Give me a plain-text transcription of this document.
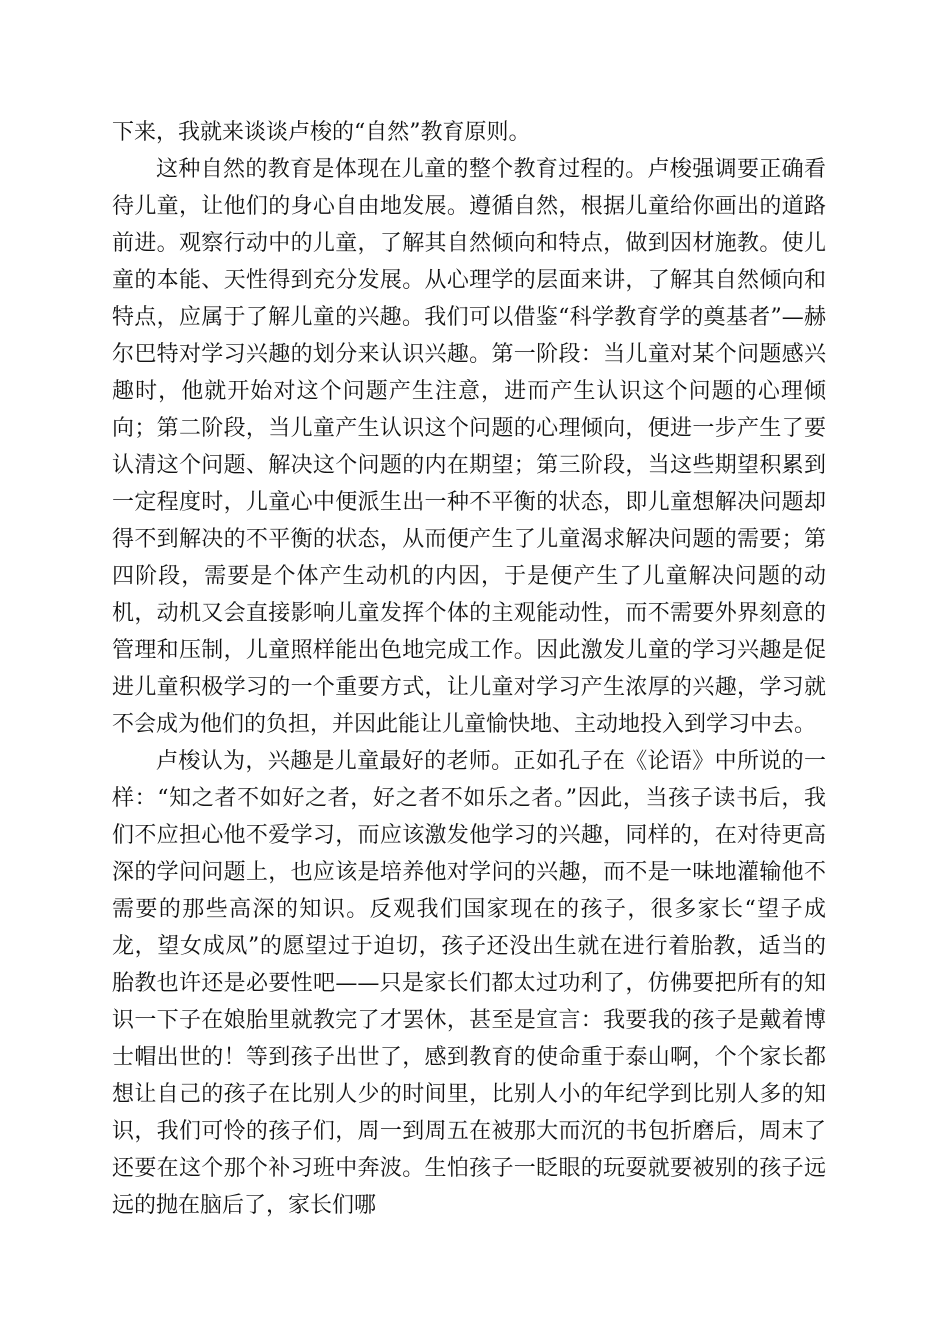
下来，我就来谈谈卢梭的“自然”教育原则。

这种自然的教育是体现在儿童的整个教育过程的。卢梭强调要正确看待儿童，让他们的身心自由地发展。遵循自然，根据儿童给你画出的道路前进。观察行动中的儿童，了解其自然倾向和特点，做到因材施教。使儿童的本能、天性得到充分发展。从心理学的层面来讲，了解其自然倾向和特点，应属于了解儿童的兴趣。我们可以借鉴“科学教育学的奠基者”—赫尔巴特对学习兴趣的划分来认识兴趣。第一阶段：当儿童对某个问题感兴趣时，他就开始对这个问题产生注意，进而产生认识这个问题的心理倾向；第二阶段，当儿童产生认识这个问题的心理倾向，便进一步产生了要认清这个问题、解决这个问题的内在期望；第三阶段，当这些期望积累到一定程度时，儿童心中便派生出一种不平衡的状态，即儿童想解决问题却得不到解决的不平衡的状态，从而便产生了儿童渴求解决问题的需要；第四阶段，需要是个体产生动机的内因，于是便产生了儿童解决问题的动机，动机又会直接影响儿童发挥个体的主观能动性，而不需要外界刻意的管理和压制，儿童照样能出色地完成工作。因此激发儿童的学习兴趣是促进儿童积极学习的一个重要方式，让儿童对学习产生浓厚的兴趣，学习就不会成为他们的负担，并因此能让儿童愉快地、主动地投入到学习中去。

卢梭认为，兴趣是儿童最好的老师。正如孔子在《论语》中所说的一样：“知之者不如好之者，好之者不如乐之者。”因此，当孩子读书后，我们不应担心他不爱学习，而应该激发他学习的兴趣，同样的，在对待更高深的学问问题上，也应该是培养他对学问的兴趣，而不是一味地灌输他不需要的那些高深的知识。反观我们国家现在的孩子，很多家长“望子成龙，望女成凤”的愿望过于迫切，孩子还没出生就在进行着胎教，适当的胎教也许还是必要性吧——只是家长们都太过功利了，仿佛要把所有的知识一下子在娘胎里就教完了才罢休，甚至是宣言：我要我的孩子是戴着博士帽出世的！等到孩子出世了，感到教育的使命重于泰山啊，个个家长都想让自己的孩子在比别人少的时间里，比别人小的年纪学到比别人多的知识，我们可怜的孩子们，周一到周五在被那大而沉的书包折磨后，周末了还要在这个那个补习班中奔波。生怕孩子一眨眼的玩耍就要被别的孩子远远的抛在脑后了，家长们哪
